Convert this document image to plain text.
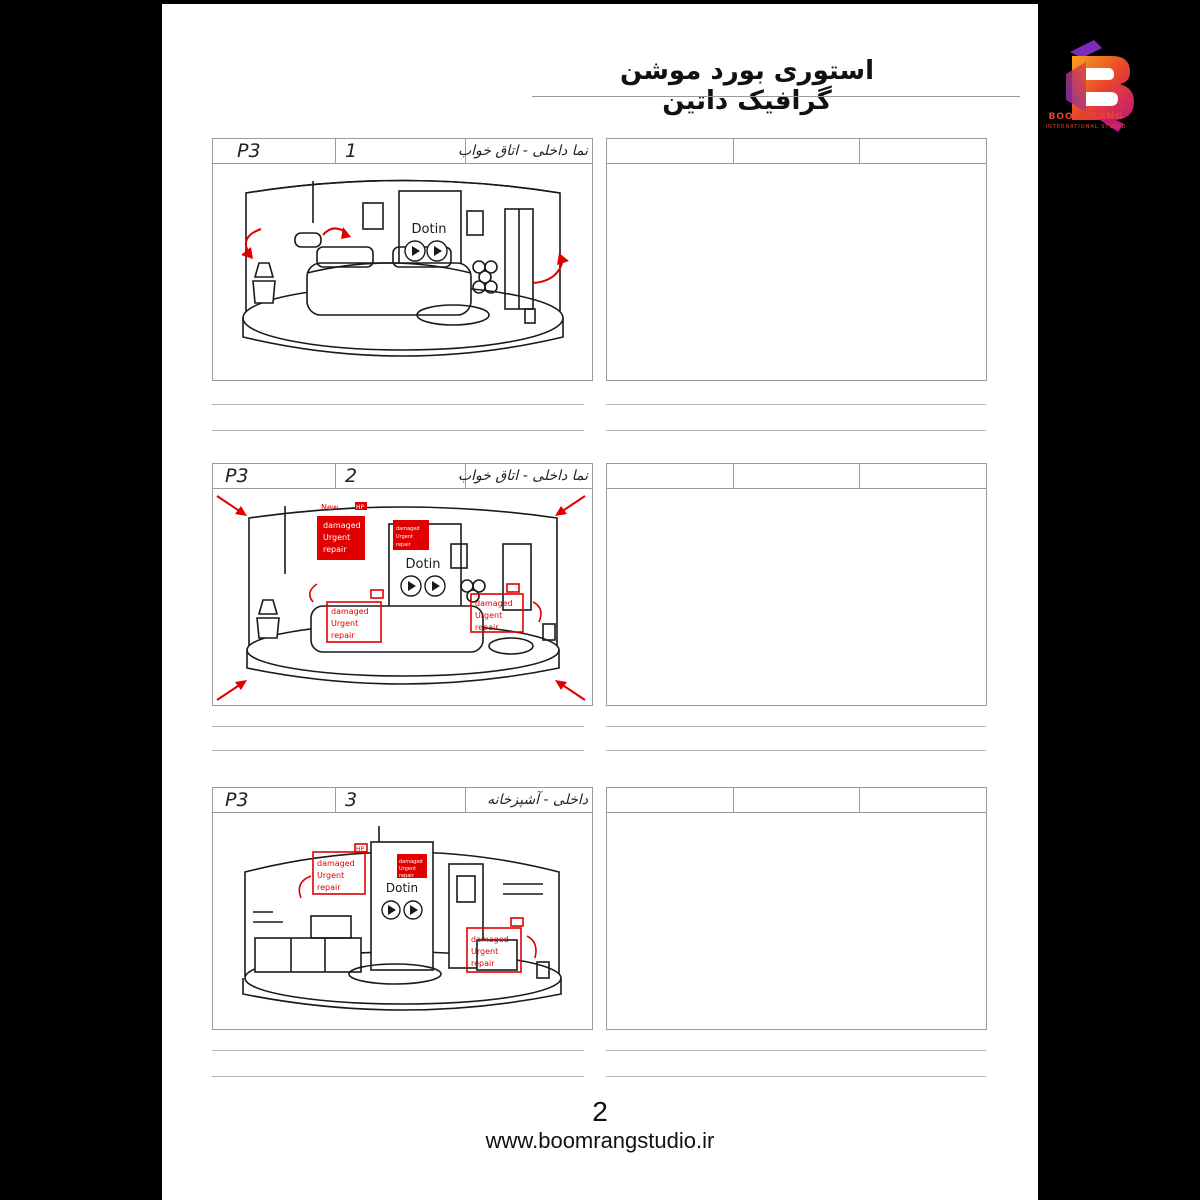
استوری بورد موشن گرافیک داتین
BOOMERANG
INTERNATIONAL STUDIO
P3	1	نما داخلی - اتاق خواب
Dotin
P3	2	نما داخلی - اتاق خواب
Dotin
New
damaged
Urgent
repair
HP
damaged
Urgent
repair
damaged
Urgent
repair
damaged
Urgent
repair
P3	3	داخلی - آشپزخانه
Dotin
HP
damaged
Urgent
repair
damaged
Urgent
repair
damaged
Urgent
repair
2
www.boomrangstudio.ir
